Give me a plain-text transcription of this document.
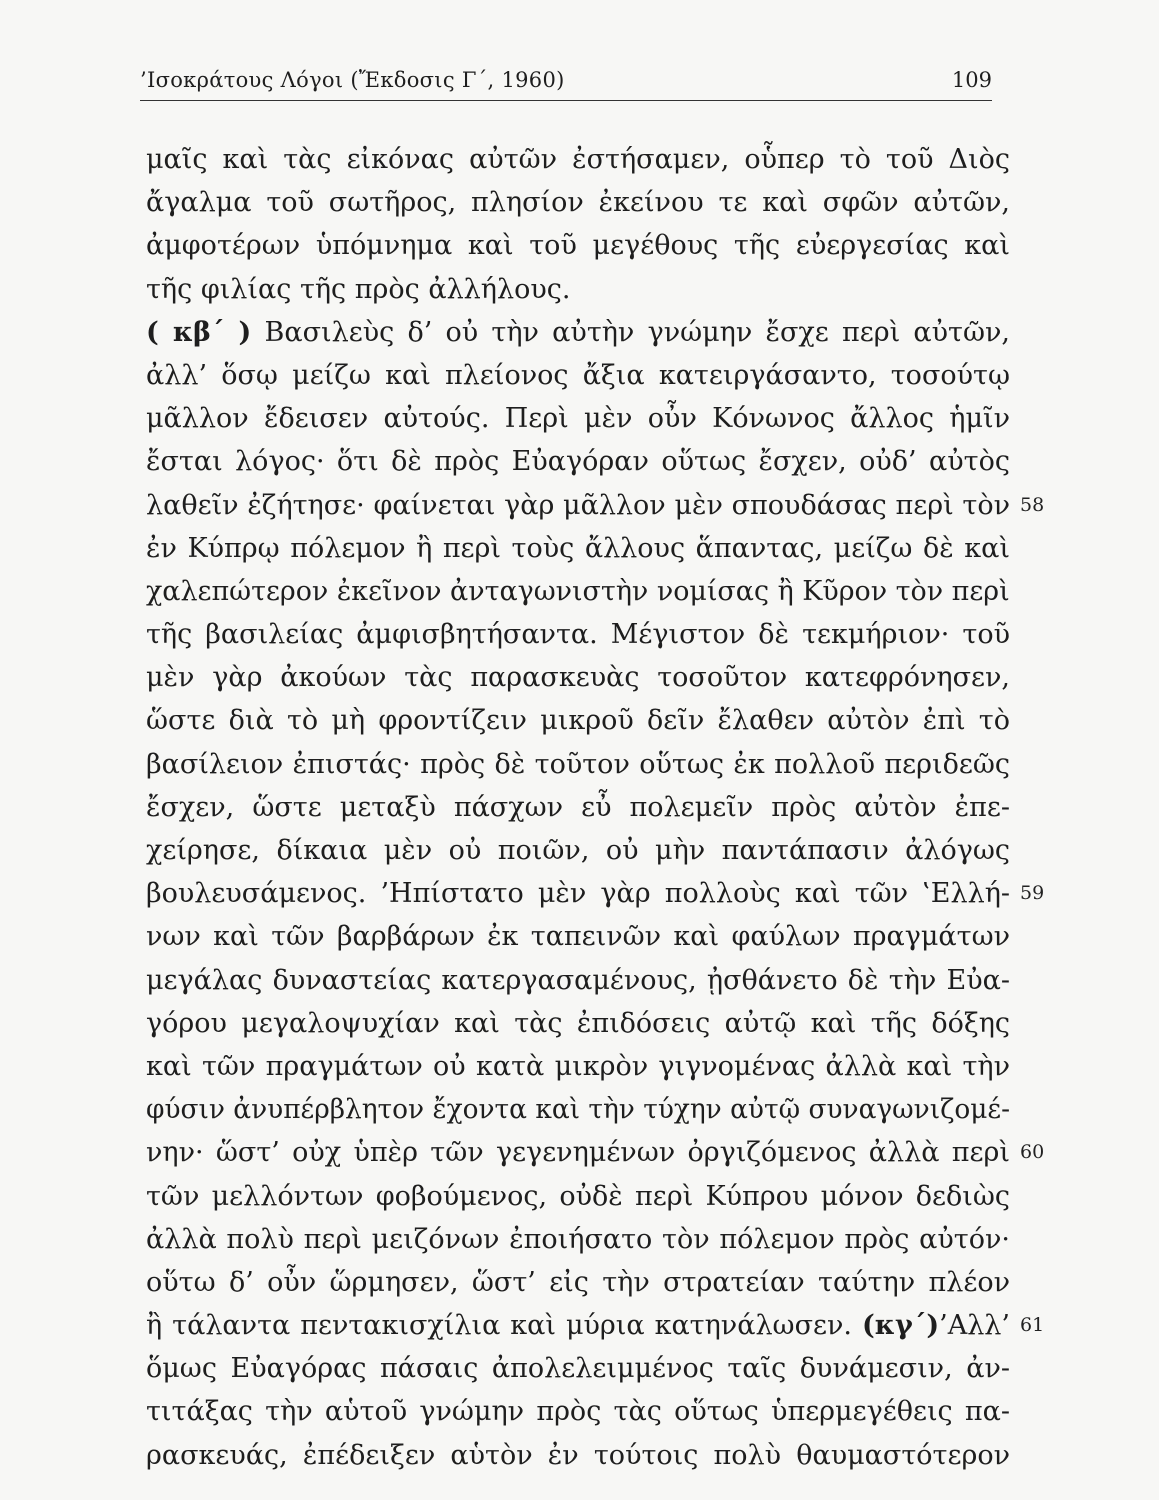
’Ισοκράτους Λόγοι (Ἔκδοσις Γ΄, 1960)	109
μαῖς καὶ τὰς εἰκόνας αὐτῶν ἐστήσαμεν, οὗπερ τὸ τοῦ Διὸς
ἄγαλμα τοῦ σωτῆρος, πλησίον ἐκείνου τε καὶ σφῶν αὐτῶν,
ἀμφοτέρων ὑπόμνημα καὶ τοῦ μεγέθους τῆς εὐεργεσίας καὶ
τῆς φιλίας τῆς πρὸς ἀλλήλους.
( κβ΄ ) Βασιλεὺς δ’ οὐ τὴν αὐτὴν γνώμην ἔσχε περὶ αὐτῶν,
ἀλλ’ ὅσῳ μείζω καὶ πλείονος ἄξια κατειργάσαντο, τοσούτῳ
μᾶλλον ἔδεισεν αὐτούς. Περὶ μὲν οὖν Κόνωνος ἄλλος ἡμῖν
ἔσται λόγος· ὅτι δὲ πρὸς Εὐαγόραν οὕτως ἔσχεν, οὐδ’ αὐτὸς
λαθεῖν ἐζήτησε· φαίνεται γὰρ μᾶλλον μὲν σπουδάσας περὶ τὸν 58
ἐν Κύπρῳ πόλεμον ἢ περὶ τοὺς ἄλλους ἅπαντας, μείζω δὲ καὶ
χαλεπώτερον ἐκεῖνον ἀνταγωνιστὴν νομίσας ἢ Κῦρον τὸν περὶ
τῆς βασιλείας ἀμφισβητήσαντα. Μέγιστον δὲ τεκμήριον· τοῦ
μὲν γὰρ ἀκούων τὰς παρασκευὰς τοσοῦτον κατεφρόνησεν,
ὥστε διὰ τὸ μὴ φροντίζειν μικροῦ δεῖν ἔλαθεν αὐτὸν ἐπὶ τὸ
βασίλειον ἐπιστάς· πρὸς δὲ τοῦτον οὕτως ἐκ πολλοῦ περιδεῶς
ἔσχεν, ὥστε μεταξὺ πάσχων εὖ πολεμεῖν πρὸς αὐτὸν ἐπε-
χείρησε, δίκαια μὲν οὐ ποιῶν, οὐ μὴν παντάπασιν ἀλόγως
βουλευσάμενος. ’Ηπίστατο μὲν γὰρ πολλοὺς καὶ τῶν ‛Ελλή- 59
νων καὶ τῶν βαρβάρων ἐκ ταπεινῶν καὶ φαύλων πραγμάτων
μεγάλας δυναστείας κατεργασαμένους, ᾐσθάνετο δὲ τὴν Εὐα-
γόρου μεγαλοψυχίαν καὶ τὰς ἐπιδόσεις αὐτῷ καὶ τῆς δόξης
καὶ τῶν πραγμάτων οὐ κατὰ μικρὸν γιγνομένας ἀλλὰ καὶ τὴν
φύσιν ἀνυπέρβλητον ἔχοντα καὶ τὴν τύχην αὐτῷ συναγωνιζομέ-
νην· ὥστ’ οὐχ ὑπὲρ τῶν γεγενημένων ὀργιζόμενος ἀλλὰ περὶ 60
τῶν μελλόντων φοβούμενος, οὐδὲ περὶ Κύπρου μόνον δεδιὼς
ἀλλὰ πολὺ περὶ μειζόνων ἐποιήσατο τὸν πόλεμον πρὸς αὐτόν·
οὕτω δ’ οὖν ὥρμησεν, ὥστ’ εἰς τὴν στρατείαν ταύτην πλέον
ἢ τάλαντα πεντακισχίλια καὶ μύρια κατηνάλωσεν. (κγ΄)’Αλλ’ 61
ὅμως Εὐαγόρας πάσαις ἀπολελειμμένος ταῖς δυνάμεσιν, ἀν-
τιτάξας τὴν αὑτοῦ γνώμην πρὸς τὰς οὕτως ὑπερμεγέθεις πα-
ρασκευάς, ἐπέδειξεν αὑτὸν ἐν τούτοις πολὺ θαυμαστότερον
